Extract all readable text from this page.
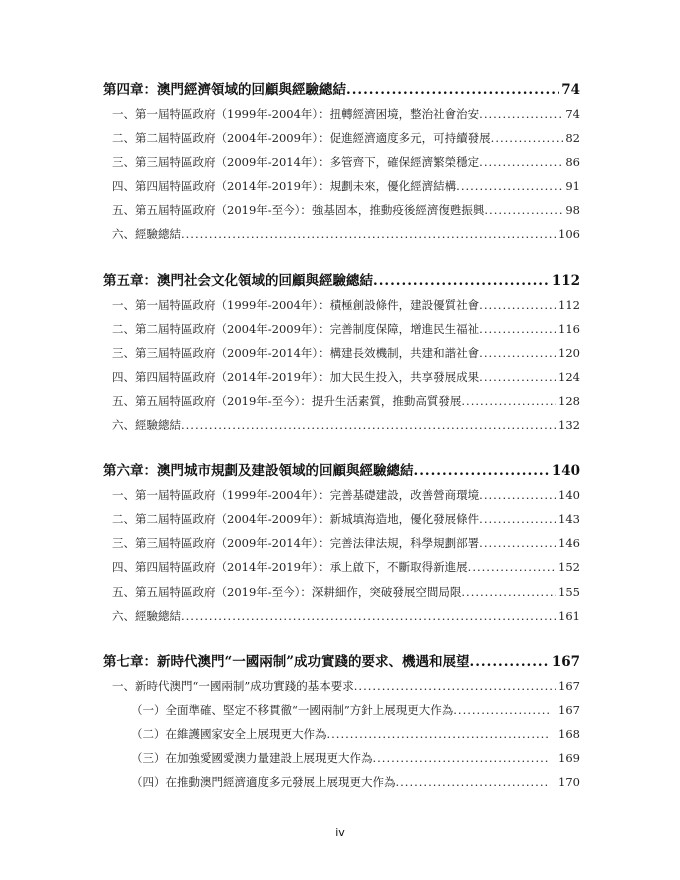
第四章：澳門經濟領域的回顧與經驗總結 .....	74
一、第一屆特區政府（1999年-2004年）：扭轉經濟困境，整治社會治安 .....	74
二、第二屆特區政府（2004年-2009年）：促進經濟適度多元，可持續發展 .....	82
三、第三屆特區政府（2009年-2014年）：多管齊下，確保經濟繁榮穩定 .....	86
四、第四屆特區政府（2014年-2019年）：規劃未來，優化經濟結構 .....	91
五、第五屆特區政府（2019年-至今）：強基固本，推動疫後經濟復甦振興 .....	98
六、經驗總結 .....	106
第五章：澳門社会文化領域的回顧與經驗總結 .....	112
一、第一屆特區政府（1999年-2004年）：積極創設條件，建設優質社會 .....	112
二、第二屆特區政府（2004年-2009年）：完善制度保障，增進民生福祉 .....	116
三、第三屆特區政府（2009年-2014年）：構建長效機制，共建和諧社會 .....	120
四、第四屆特區政府（2014年-2019年）：加大民生投入，共享發展成果 .....	124
五、第五屆特區政府（2019年-至今）：提升生活素質，推動高質發展 .....	128
六、經驗總結 .....	132
第六章：澳門城市規劃及建設領域的回顧與經驗總結 .....	140
一、第一屆特區政府（1999年-2004年）：完善基礎建設，改善營商環境 .....	140
二、第二屆特區政府（2004年-2009年）：新城填海造地，優化發展條件 .....	143
三、第三屆特區政府（2009年-2014年）：完善法律法規，科學規劃部署 .....	146
四、第四屆特區政府（2014年-2019年）：承上啟下，不斷取得新進展 .....	152
五、第五屆特區政府（2019年-至今）：深耕細作，突破發展空間局限 .....	155
六、經驗總結 .....	161
第七章：新時代澳門“一國兩制”成功實踐的要求、機遇和展望 .....	167
一、新時代澳門“一國兩制”成功實踐的基本要求 .....	167
（一）全面準確、堅定不移貫徹“一國兩制”方針上展現更大作為 .....	167
（二）在維護國家安全上展現更大作為 .....	168
（三）在加強愛國愛澳力量建設上展現更大作為 .....	169
（四）在推動澳門經濟適度多元發展上展現更大作為 .....	170
iv
